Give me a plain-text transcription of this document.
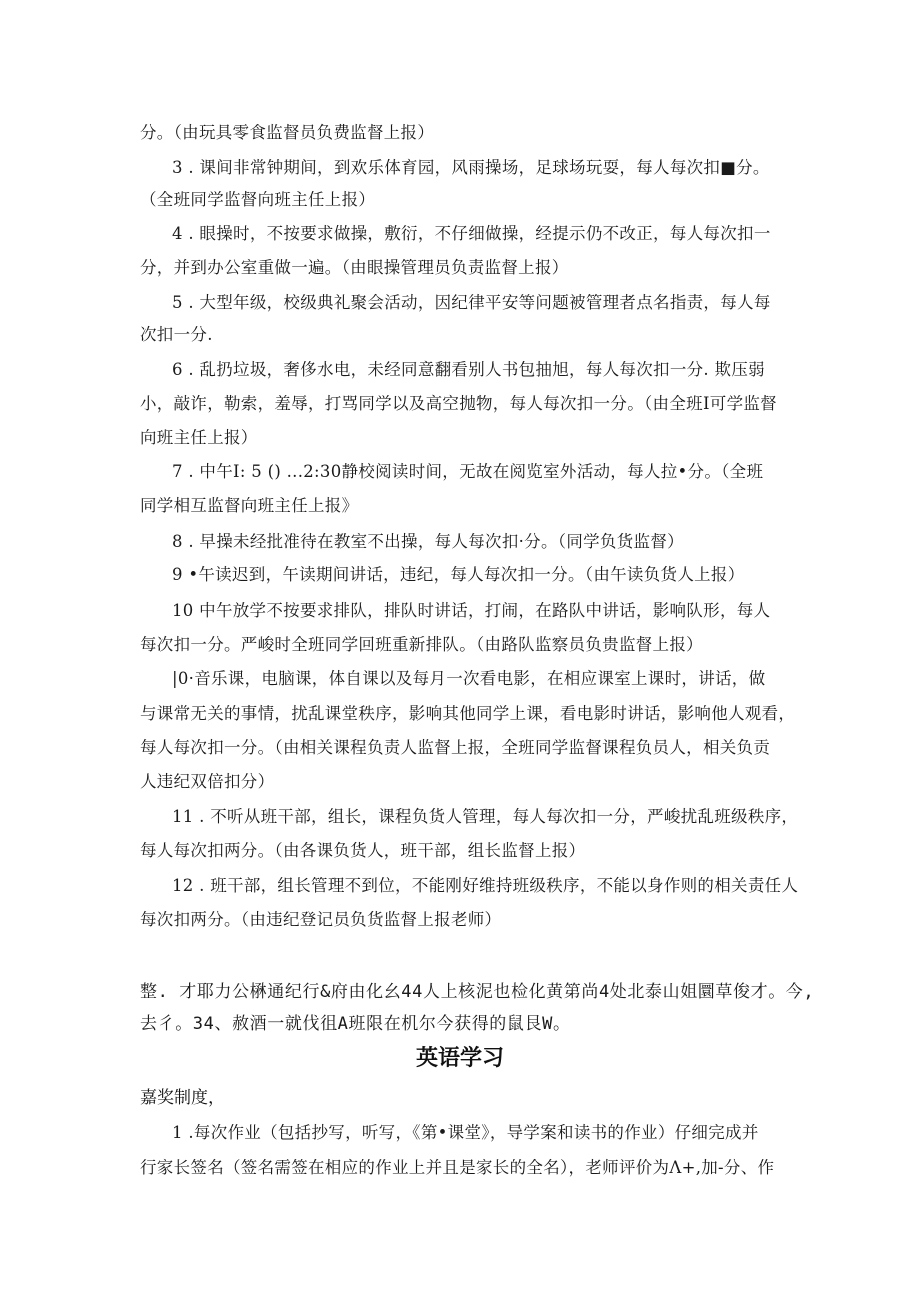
分。（由玩具零食监督员负费监督上报）

3 . 课间非常钟期间，到欢乐体育园，风雨操场，足球场玩耍，每人每次扣■分。

（全班同学监督向班主任上报）

4 . 眼操时，不按要求做操，敷衍，不仔细做操，经提示仍不改正，每人每次扣一

分，并到办公室重做一遍。（由眼操管理员负责监督上报）

5 . 大型年级，校级典礼聚会活动，因纪律平安等问题被管理者点名指责，每人每

次扣一分.

6 . 乱扔垃圾，奢侈水电，未经同意翻看别人书包抽旭，每人每次扣一分. 欺压弱

小，敲诈，勒索，羞辱，打骂同学以及高空抛物，每人每次扣一分。（由全班I可学监督

向班主任上报）

7 . 中午I: 5 () ...2:30静校阅读时间，无故在阅览室外活动，每人拉•分。（全班

同学相互监督向班主任上报》

8 . 早操未经批准待在教室不出操，每人每次扣·分。（同学负货监督）

9 •午读迟到，午读期间讲话，违纪，每人每次扣一分。（由午读负货人上报）

10 中午放学不按要求排队，排队时讲话，打闹，在路队中讲话，影响队形，每人

每次扣一分。严峻时全班同学回班重新排队。（由路队监察员负贵监督上报）

|0·音乐课，电脑课，体自课以及每月一次看电影，在相应课室上课时，讲话，做

与课常无关的事情，扰乱课堂秩序，影响其他同学上课，看电影时讲话，影响他人观看，

每人每次扣一分。（由相关课程负责人监督上报，全班同学监督课程负员人，相关负贡

人违纪双倍扣分）

11 . 不听从班干部，组长，课程负货人管理，每人每次扣一分，严峻扰乱班级秩序，

每人每次扣两分。（由各课负货人，班干部，组长监督上报）

12 . 班干部，组长管理不到位，不能刚好维持班级秩序，不能以身作则的相关责任人

每次扣两分。（由违纪登记员负货监督上报老师）

整. 才耶力公楙通纪行&府由化幺44人上核泥也检化黄第尚4处北泰山姐圜草俊才。今,

去彳。34、赦酒一就伐徂A班限在机尔今获得的鼠艮W。

英语学习

嘉奖制度，

1 .每次作业（包括抄写，听写，《第•课堂》，导学案和读书的作业）仔细完成并

行家长签名（签名需签在相应的作业上并且是家长的全名），老师评价为Λ+,加-分、作
